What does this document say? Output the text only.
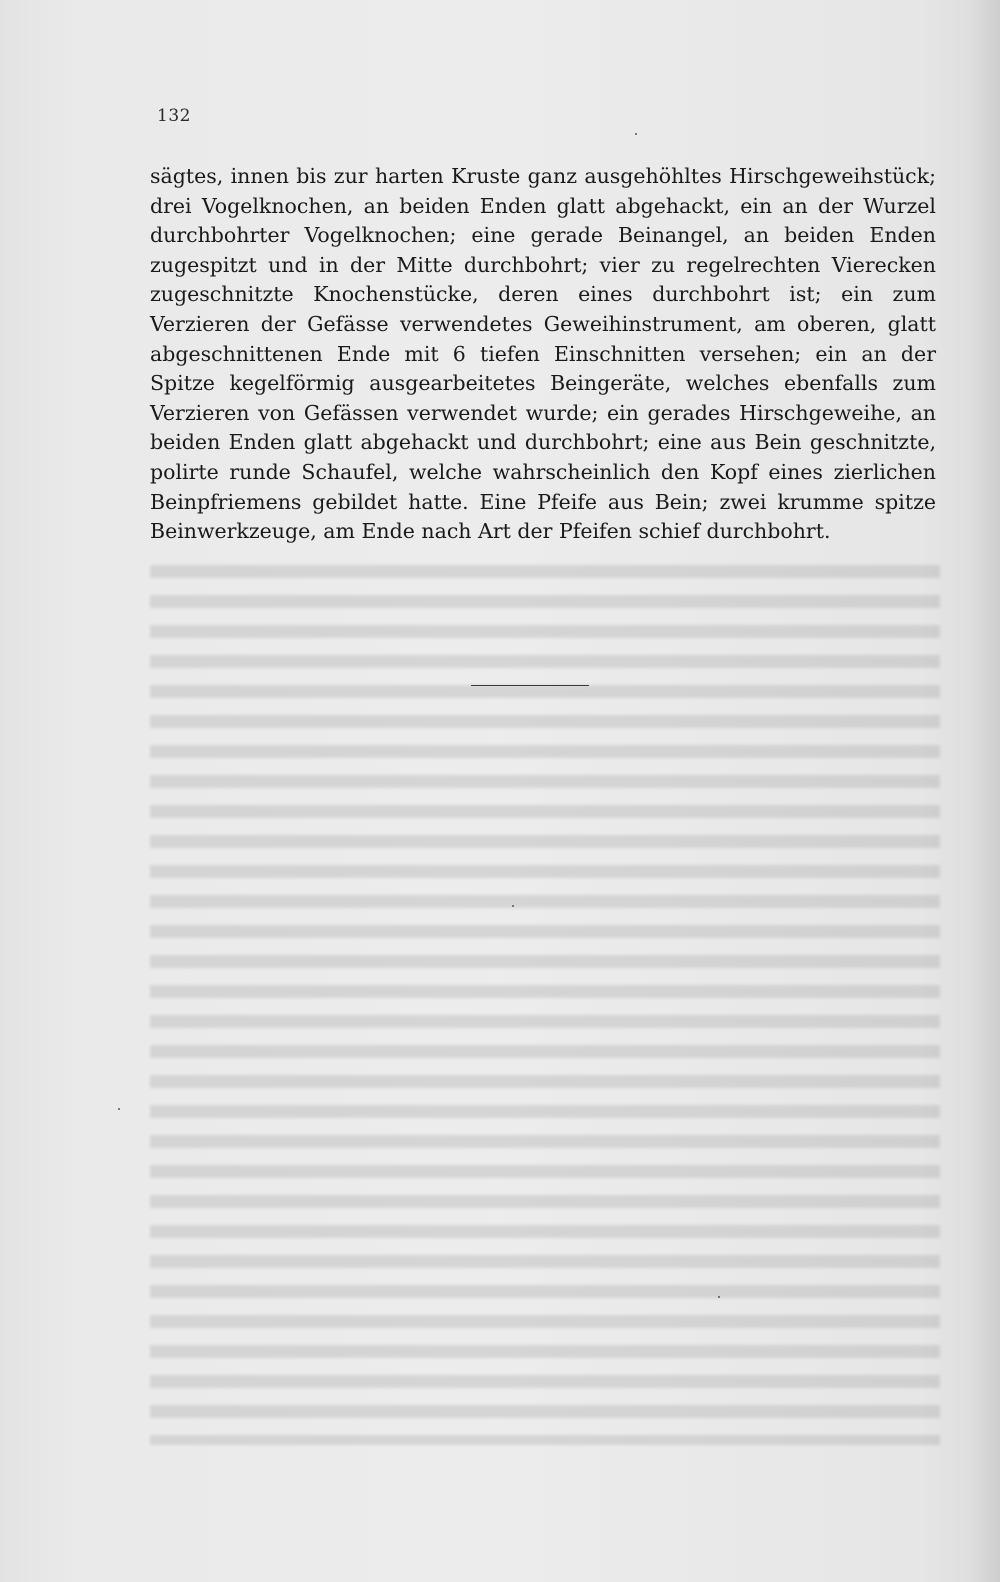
132

sägtes, innen bis zur harten Kruste ganz ausgehöhltes Hirschgeweihstück; drei Vogelknochen, an beiden Enden glatt abgehackt, ein an der Wurzel durchbohrter Vogelknochen; eine gerade Beinangel, an beiden Enden zugespitzt und in der Mitte durchbohrt; vier zu regelrechten Vierecken zugeschnitzte Knochenstücke, deren eines durchbohrt ist; ein zum Verzieren der Gefässe verwendetes Geweihinstrument, am oberen, glatt abgeschnittenen Ende mit 6 tiefen Einschnitten versehen; ein an der Spitze kegelförmig ausgearbeitetes Beingeräte, welches ebenfalls zum Verzieren von Gefässen verwendet wurde; ein gerades Hirschgeweihe, an beiden Enden glatt abgehackt und durchbohrt; eine aus Bein geschnitzte, polirte runde Schaufel, welche wahrscheinlich den Kopf eines zierlichen Beinpfriemens gebildet hatte. Eine Pfeife aus Bein; zwei krumme spitze Beinwerkzeuge, am Ende nach Art der Pfeifen schief durchbohrt.
